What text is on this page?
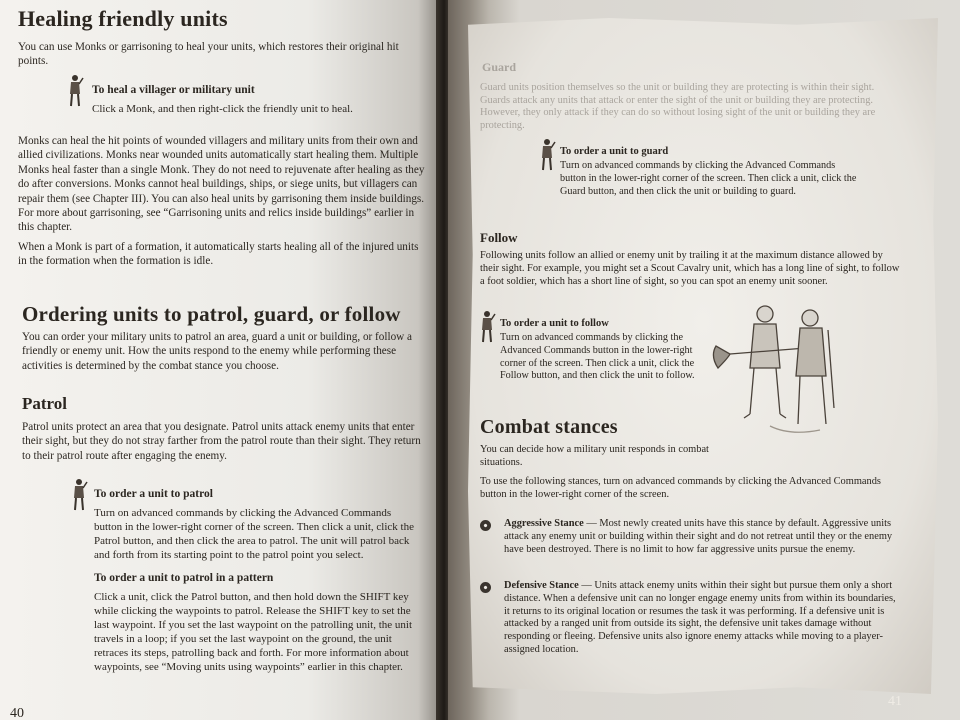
Healing friendly units

You can use Monks or garrisoning to heal your units, which restores their original hit points.

To heal a villager or military unit

Click a Monk, and then right-click the friendly unit to heal.

Monks can heal the hit points of wounded villagers and military units from their own and allied civilizations. Monks near wounded units automatically start healing them. Multiple Monks heal faster than a single Monk. They do not need to rejuvenate after healing as they do after conversions. Monks cannot heal buildings, ships, or siege units, but villagers can repair them (see Chapter III). You can also heal units by garrisoning them inside buildings. For more about garrisoning, see “Garrisoning units and relics inside buildings” earlier in this chapter.

When a Monk is part of a formation, it automatically starts healing all of the injured units in the formation when the formation is idle.

Ordering units to patrol, guard, or follow

You can order your military units to patrol an area, guard a unit or building, or follow a friendly or enemy unit. How the units respond to the enemy while performing these activities is determined by the combat stance you choose.

Patrol

Patrol units protect an area that you designate. Patrol units attack enemy units that enter their sight, but they do not stray farther from the patrol route than their sight. They return to their patrol route after engaging the enemy.

To order a unit to patrol

Turn on advanced commands by clicking the Advanced Commands button in the lower-right corner of the screen. Then click a unit, click the Patrol button, and then click the area to patrol. The unit will patrol back and forth from its starting point to the patrol point you select.

To order a unit to patrol in a pattern

Click a unit, click the Patrol button, and then hold down the SHIFT key while clicking the waypoints to patrol. Release the SHIFT key to set the last waypoint. If you set the last waypoint on the patrolling unit, the unit travels in a loop; if you set the last waypoint on the ground, the unit retraces its steps, patrolling back and forth. For more information about waypoints, see “Moving units using waypoints” earlier in this chapter.

40
Guard

Guard units position themselves so the unit or building they are protecting is within their sight. Guards attack any units that attack or enter the sight of the unit or building they are protecting. However, they only attack if they can do so without losing sight of the unit or building they are protecting.

To order a unit to guard

Turn on advanced commands by clicking the Advanced Commands button in the lower-right corner of the screen. Then click a unit, click the Guard button, and then click the unit or building to guard.

Follow

Following units follow an allied or enemy unit by trailing it at the maximum distance allowed by their sight. For example, you might set a Scout Cavalry unit, which has a long line of sight, to follow a foot soldier, which has a short line of sight, so you can spot an enemy unit sooner.

To order a unit to follow

Turn on advanced commands by clicking the Advanced Commands button in the lower-right corner of the screen. Then click a unit, click the Follow button, and then click the unit to follow.

Combat stances

You can decide how a military unit responds in combat situations.

To use the following stances, turn on advanced commands by clicking the Advanced Commands button in the lower-right corner of the screen.

Aggressive Stance — Most newly created units have this stance by default. Aggressive units attack any enemy unit or building within their sight and do not retreat until they or the enemy have been destroyed. There is no limit to how far aggressive units pursue the enemy.

Defensive Stance — Units attack enemy units within their sight but pursue them only a short distance. When a defensive unit can no longer engage enemy units from within its boundaries, it returns to its original location or resumes the task it was performing. If a defensive unit is attacked by a ranged unit from outside its sight, the defensive unit takes damage without responding or fleeing. Defensive units also ignore enemy attacks while moving to a player-assigned location.

41
